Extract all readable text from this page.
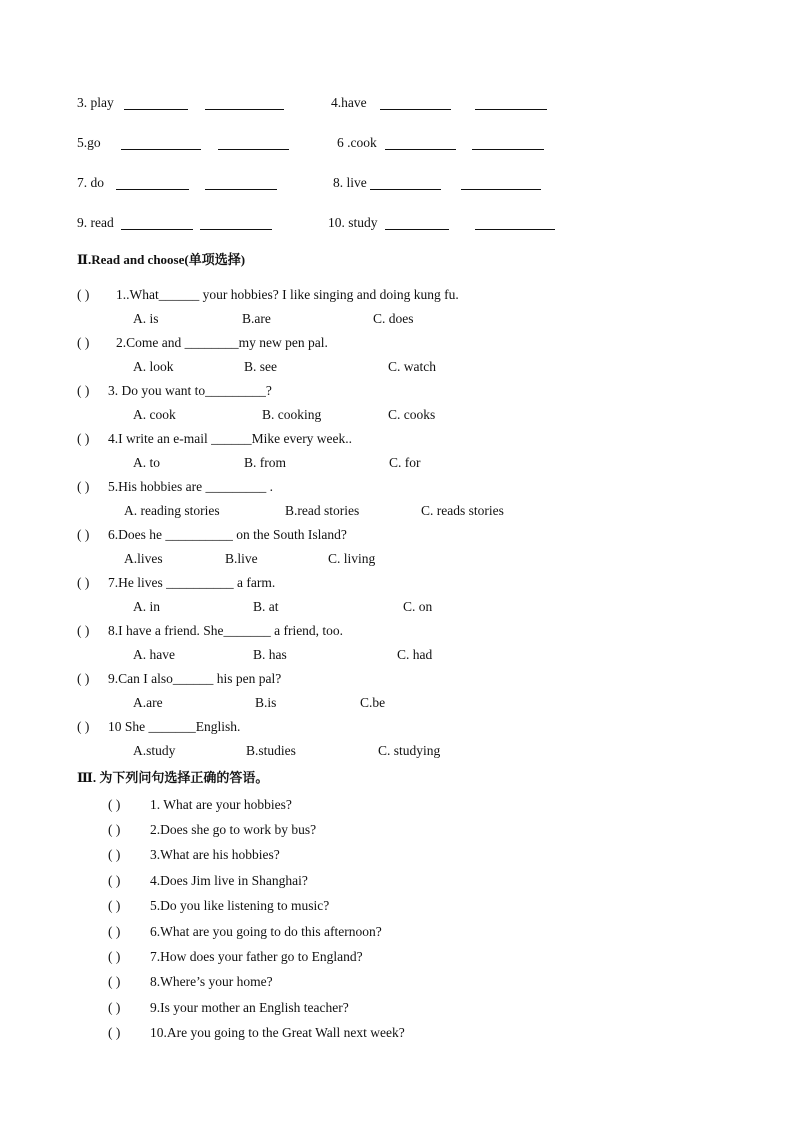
3. play	4.have
5.go	6 .cook
7. do	8. live
9. read	10. study
Ⅱ.Read and choose(单项选择)
( ) 1..What______ your hobbies? I like singing and doing kung fu.
A. is	B.are	C. does
( ) 2.Come and ________my new pen pal.
A. look	B. see	C. watch
( ) 3. Do you want to_________?
A. cook	B. cooking	C. cooks
( ) 4.I write an e-mail ______Mike every week..
A. to	B. from	C. for
( ) 5.His hobbies are _________ .
A. reading stories	B.read stories	C. reads stories
( ) 6.Does he __________ on the South Island?
A.lives	B.live	C. living
( ) 7.He lives __________ a farm.
A. in	B. at	C. on
( ) 8.I have a friend. She_______ a friend, too.
A. have	B. has	C. had
( ) 9.Can I also______ his pen pal?
A.are	B.is	C.be
( ) 10 She _______English.
A.study	B.studies	C. studying
Ⅲ. 为下列问句选择正确的答语。
( ) 1. What are your hobbies?
( ) 2.Does she go to work by bus?
( ) 3.What are his hobbies?
( ) 4.Does Jim live in Shanghai?
( ) 5.Do you like listening to music?
( ) 6.What are you going to do this afternoon?
( ) 7.How does your father go to England?
( ) 8.Where’s your home?
( ) 9.Is your mother an English teacher?
( ) 10.Are you going to the Great Wall next week?
